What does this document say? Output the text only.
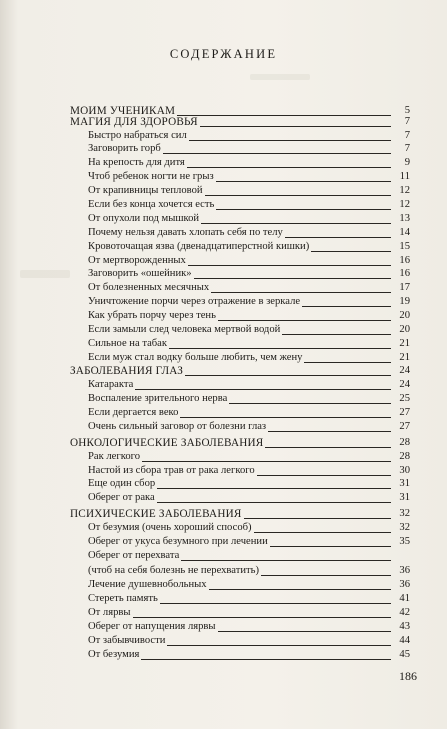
СОДЕРЖАНИЕ
МОИМ УЧЕНИКАМ	5
МАГИЯ ДЛЯ ЗДОРОВЬЯ	7
Быстро набраться сил	7
Заговорить горб	7
На крепость для дитя	9
Чтоб ребенок ногти не грыз	11
От крапивницы тепловой	12
Если без конца хочется есть	12
От опухоли под мышкой	13
Почему нельзя давать хлопать себя по телу	14
Кровоточащая язва (двенадцатиперстной кишки)	15
От мертворожденных	16
Заговорить «ошейник»	16
От болезненных месячных	17
Уничтожение порчи через отражение в зеркале	19
Как убрать порчу через тень	20
Если замыли след человека мертвой водой	20
Сильное на табак	21
Если муж стал водку больше любить, чем жену	21
ЗАБОЛЕВАНИЯ ГЛАЗ	24
Катаракта	24
Воспаление зрительного нерва	25
Если дергается веко	27
Очень сильный заговор от болезни глаз	27
ОНКОЛОГИЧЕСКИЕ ЗАБОЛЕВАНИЯ	28
Рак легкого	28
Настой из сбора трав от рака легкого	30
Еще один сбор	31
Оберег от рака	31
ПСИХИЧЕСКИЕ ЗАБОЛЕВАНИЯ	32
От безумия (очень хороший способ)	32
Оберег от укуса безумного при лечении	35
Оберег от перехвата
(чтоб на себя болезнь не перехватить)	36
Лечение душевнобольных	36
Стереть память	41
От лярвы	42
Оберег от напущения лярвы	43
От забывчивости	44
От безумия	45
186
